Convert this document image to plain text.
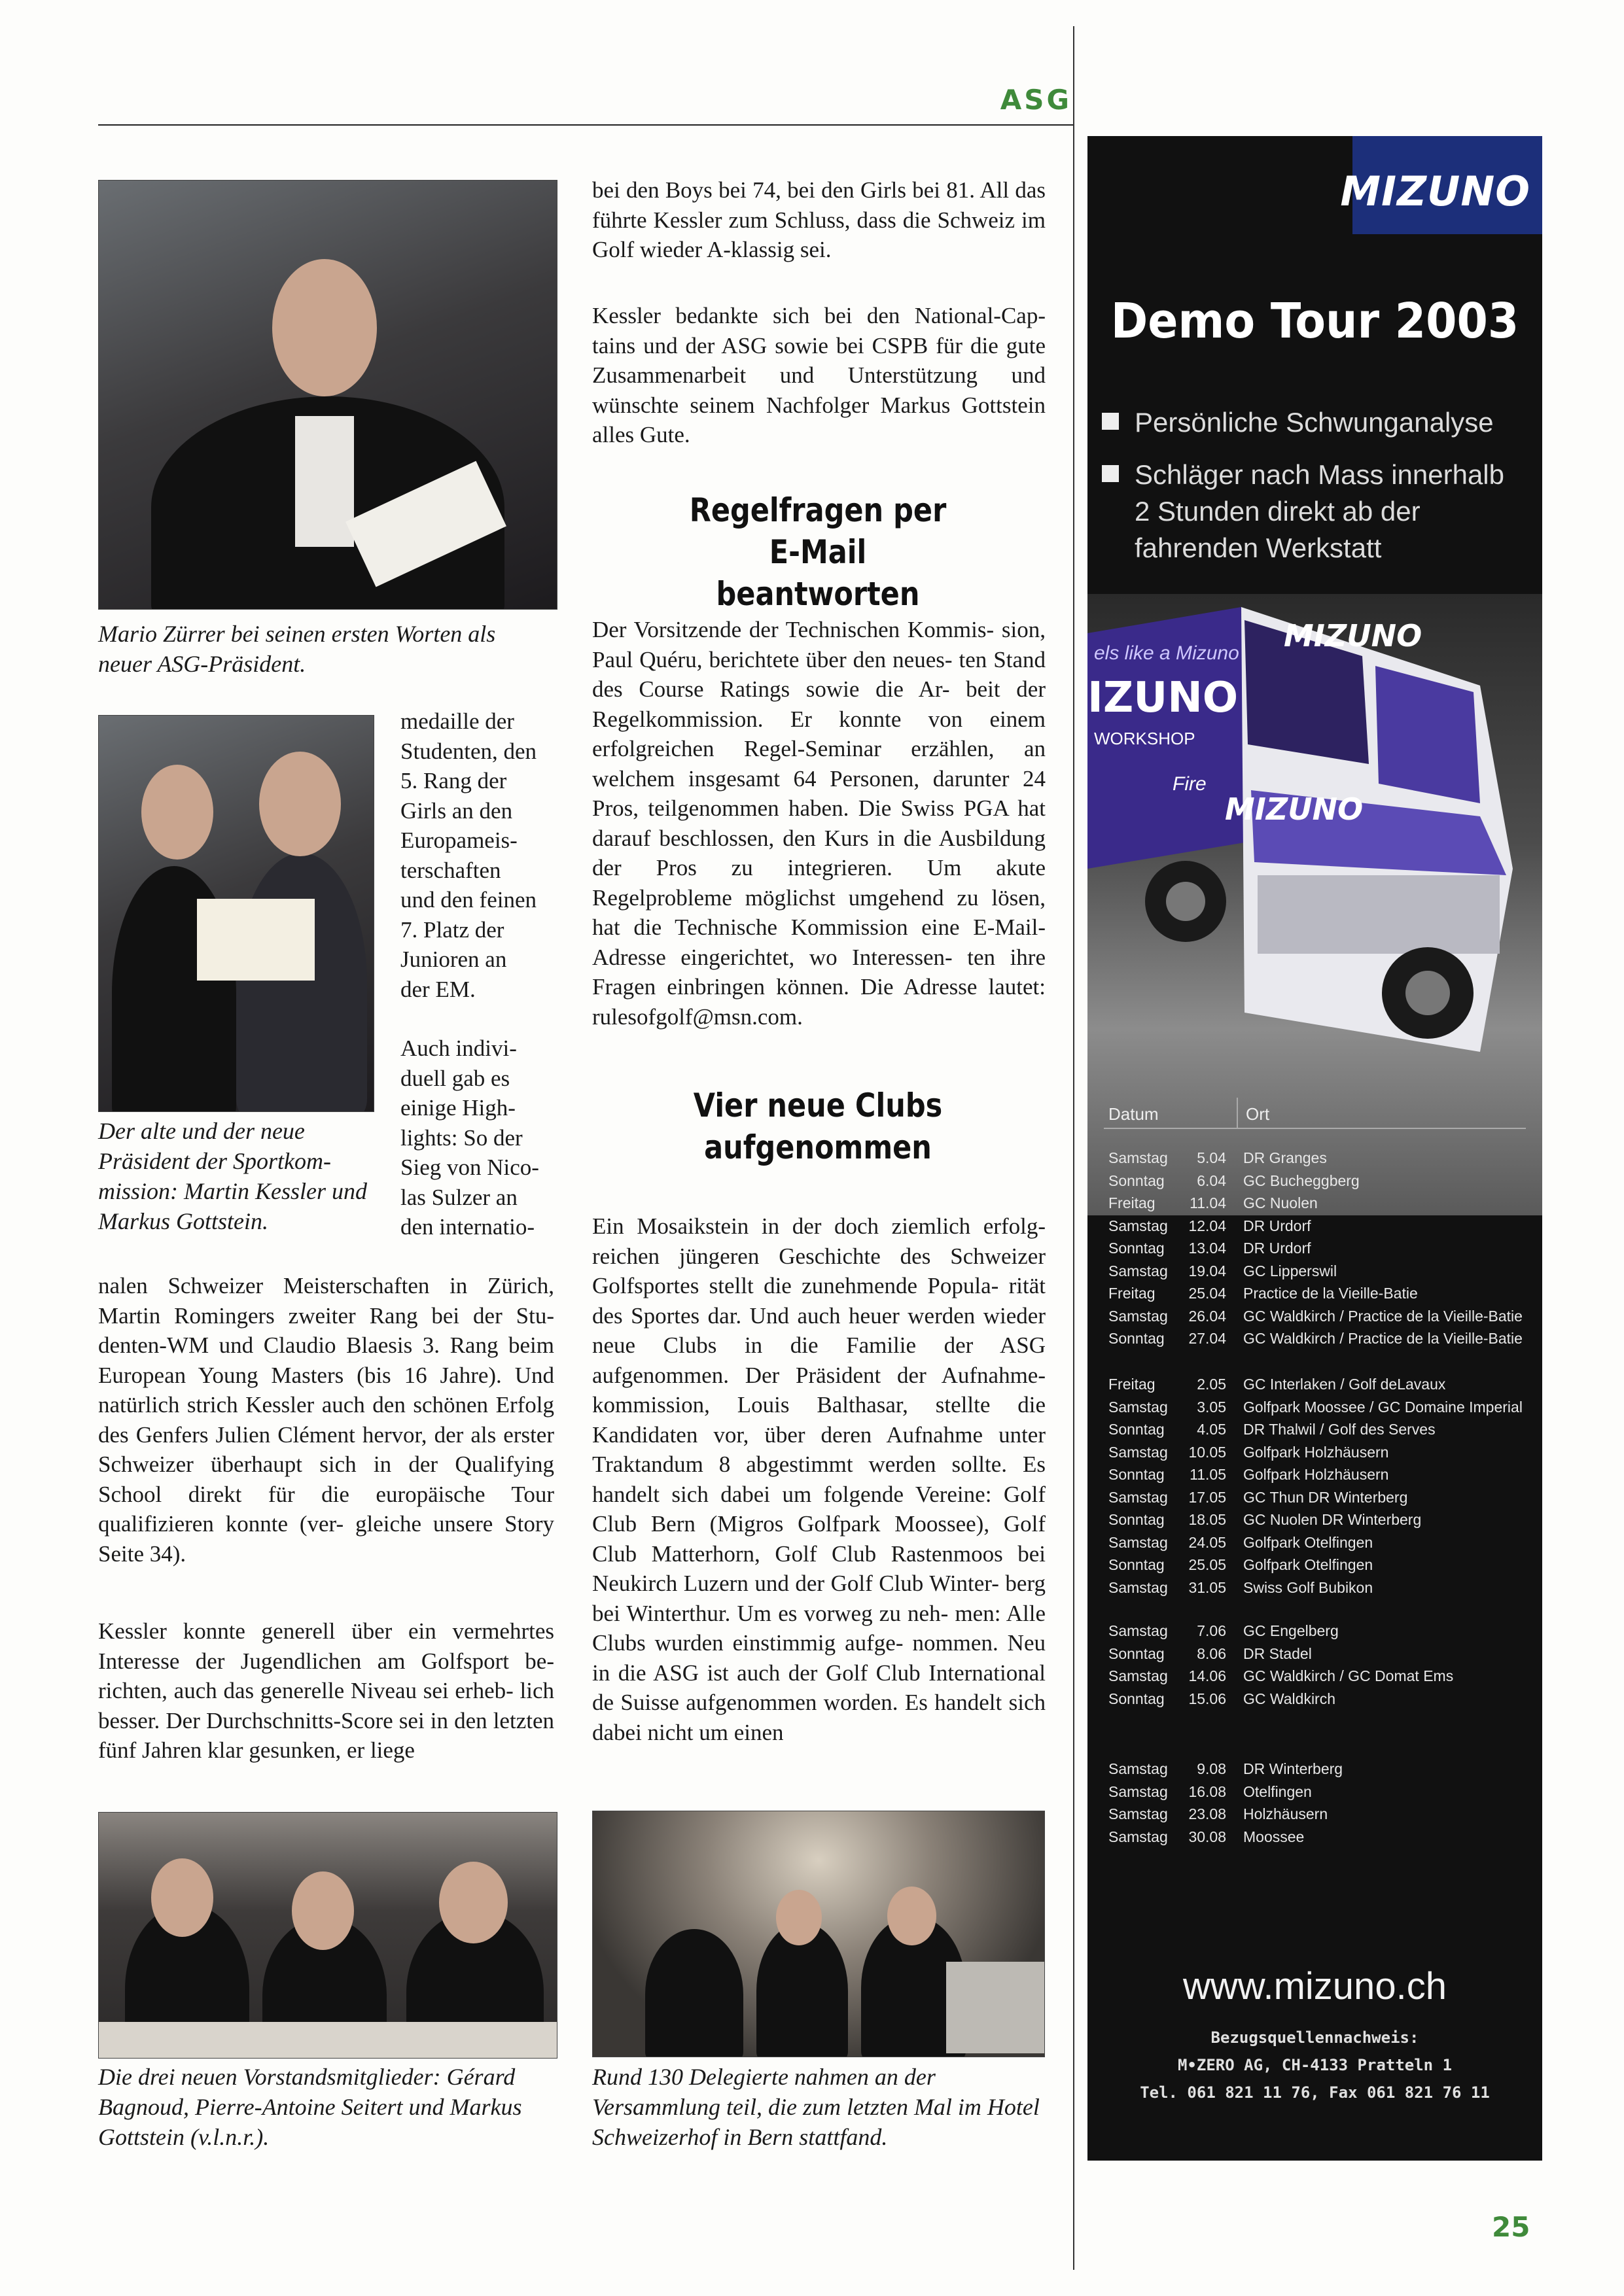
ASG
Mario Zürrer bei seinen ersten Worten als neuer ASG-Präsident.

medaille der

Studenten, den

5. Rang der

Girls an den

Europameis-

terschaften

und den feinen

7. Platz der

Junioren an

der EM.

Auch indivi-

duell gab es

einige High-

lights: So der

Sieg von Nico-

las Sulzer an

den internatio-

Der alte und der neue Präsident der Sportkom- mission: Martin Kessler und Markus Gottstein.
nalen Schweizer Meisterschaften in Zürich, Martin Romingers zweiter Rang bei der Stu- denten-WM und Claudio Blaesis 3. Rang beim European Young Masters (bis 16 Jahre). Und natürlich strich Kessler auch den schönen Erfolg des Genfers Julien Clément hervor, der als erster Schweizer überhaupt sich in der Qualifying School direkt für die europäische Tour qualifizieren konnte (ver- gleiche unsere Story Seite 34).
Kessler konnte generell über ein vermehrtes Interesse der Jugendlichen am Golfsport be- richten, auch das generelle Niveau sei erheb- lich besser. Der Durchschnitts-Score sei in den letzten fünf Jahren klar gesunken, er liege
Die drei neuen Vorstandsmitglieder: Gérard Bagnoud, Pierre-Antoine Seitert und Markus Gottstein (v.l.n.r.).
bei den Boys bei 74, bei den Girls bei 81. All das führte Kessler zum Schluss, dass die Schweiz im Golf wieder A-klassig sei.
Kessler bedankte sich bei den National-Cap- tains und der ASG sowie bei CSPB für die gute Zusammenarbeit und Unterstützung und wünschte seinem Nachfolger Markus Gottstein alles Gute.
Regelfragen per E-Mail beantworten
Der Vorsitzende der Technischen Kommis- sion, Paul Quéru, berichtete über den neues- ten Stand des Course Ratings sowie die Ar- beit der Regelkommission. Er konnte von einem erfolgreichen Regel-Seminar erzählen, an welchem insgesamt 64 Personen, darunter 24 Pros, teilgenommen haben. Die Swiss PGA hat darauf beschlossen, den Kurs in die Ausbildung der Pros zu integrieren. Um akute Regelprobleme möglichst umgehend zu lösen, hat die Technische Kommission eine E-Mail-Adresse eingerichtet, wo Interessen- ten ihre Fragen einbringen können. Die Adresse lautet: rulesofgolf@msn.com.
Vier neue Clubs aufgenommen
Ein Mosaikstein in der doch ziemlich erfolg- reichen jüngeren Geschichte des Schweizer Golfsportes stellt die zunehmende Popula- rität des Sportes dar. Und auch heuer werden wieder neue Clubs in die Familie der ASG aufgenommen. Der Präsident der Aufnahme- kommission, Louis Balthasar, stellte die Kandidaten vor, über deren Aufnahme unter Traktandum 8 abgestimmt werden sollte. Es handelt sich dabei um folgende Vereine: Golf Club Bern (Migros Golfpark Moossee), Golf Club Matterhorn, Golf Club Rastenmoos bei Neukirch Luzern und der Golf Club Winter- berg bei Winterthur. Um es vorweg zu neh- men: Alle Clubs wurden einstimmig aufge- nommen. Neu in die ASG ist auch der Golf Club International de Suisse aufgenommen worden. Es handelt sich dabei nicht um einen
Rund 130 Delegierte nahmen an der Versammlung teil, die zum letzten Mal im Hotel Schweizerhof in Bern stattfand.
MIZUNO
Demo Tour 2003
Persönliche Schwunganalyse
Schläger nach Mass innerhalb
2 Stunden direkt ab der
fahrenden Werkstatt
els like a Mizuno
IZUNO
WORKSHOP
Fire
MIZUNO
MIZUNO
Datum	Ort
Samstag	5.04	DR Granges
Sonntag	6.04	GC Bucheggberg
Freitag	11.04	GC Nuolen
Samstag	12.04	DR Urdorf
Sonntag	13.04	DR Urdorf
Samstag	19.04	GC Lipperswil
Freitag	25.04	Practice de la Vieille-Batie
Samstag	26.04	GC Waldkirch / Practice de la Vieille-Batie
Sonntag	27.04	GC Waldkirch / Practice de la Vieille-Batie
Freitag	2.05	GC Interlaken / Golf deLavaux
Samstag	3.05	Golfpark Moossee / GC Domaine Imperial
Sonntag	4.05	DR Thalwil / Golf des Serves
Samstag	10.05	Golfpark Holzhäusern
Sonntag	11.05	Golfpark Holzhäusern
Samstag	17.05	GC Thun DR Winterberg
Sonntag	18.05	GC Nuolen DR Winterberg
Samstag	24.05	Golfpark Otelfingen
Sonntag	25.05	Golfpark Otelfingen
Samstag	31.05	Swiss Golf Bubikon
Samstag	7.06	GC Engelberg
Sonntag	8.06	DR Stadel
Samstag	14.06	GC Waldkirch / GC Domat Ems
Sonntag	15.06	GC Waldkirch
Samstag	9.08	DR Winterberg
Samstag	16.08	Otelfingen
Samstag	23.08	Holzhäusern
Samstag	30.08	Moossee
www.mizuno.ch
Bezugsquellennachweis:
M•ZERO AG, CH-4133 Pratteln 1
Tel. 061 821 11 76, Fax 061 821 76 11
25
